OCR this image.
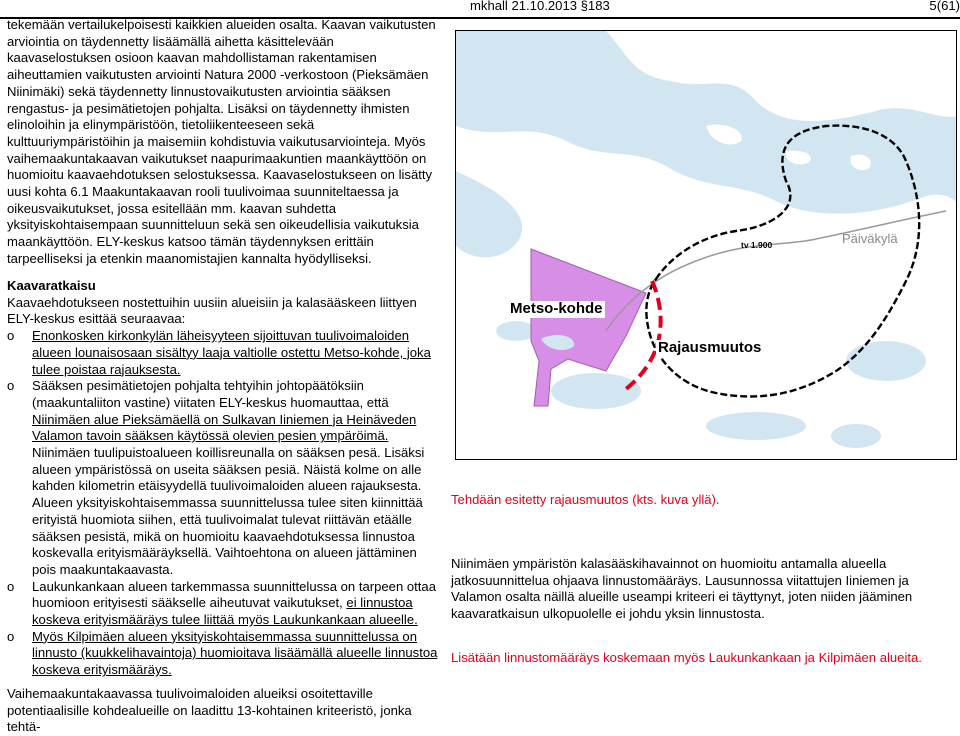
mkhall 21.10.2013 §183	5(61)

tekemään vertailukelpoisesti kaikkien alueiden osalta. Kaavan vaikutusten arviointia on täydennetty lisäämällä aihetta käsittelevään kaavaselostuksen osioon kaavan mahdollistaman rakentamisen aiheuttamien vaikutusten arviointi Natura 2000 -verkostoon (Pieksämäen Niinimäki) sekä täydennetty linnustovaikutusten arviointia sääksen rengastus- ja pesimätietojen pohjalta. Lisäksi on täydennetty ihmisten elinoloihin ja elinympäristöön, tietoliikenteeseen sekä kulttuuriympäristöihin ja maisemiin kohdistuvia vaikutusarviointeja. Myös vaihemaakuntakaavan vaikutukset naapurimaakuntien maankäyttöön on huomioitu kaavaehdotuksen selostuksessa. Kaavaselostukseen on lisätty uusi kohta 6.1 Maakuntakaavan rooli tuulivoimaa suunniteltaessa ja oikeusvaikutukset, jossa esitellään mm. kaavan suhdetta yksityiskohtaisempaan suunnitteluun sekä sen oikeudellisia vaikutuksia maankäyttöön. ELY-keskus katsoo tämän täydennyksen erittäin tarpeelliseksi ja etenkin maanomistajien kannalta hyödylliseksi.

Kaavaratkaisu

Kaavaehdotukseen nostettuihin uusiin alueisiin ja kalasääskeen liittyen ELY-keskus esittää seuraavaa:

o Enonkosken kirkonkylän läheisyyteen sijoittuvan tuulivoimaloiden alueen lounaisosaan sisältyy laaja valtiolle ostettu Metso-kohde, joka tulee poistaa rajauksesta.
o Sääksen pesimätietojen pohjalta tehtyihin johtopäätöksiin (maakuntaliiton vastine) viitaten ELY-keskus huomauttaa, että Niinimäen alue Pieksämäellä on Sulkavan Iiniemen ja Heinäveden Valamon tavoin sääksen käytössä olevien pesien ympäröimä. Niinimäen tuulipuistoalueen koillisreunalla on sääksen pesä. Lisäksi alueen ympäristössä on useita sääksen pesiä. Näistä kolme on alle kahden kilometrin etäisyydellä tuulivoimaloiden alueen rajauksesta. Alueen yksityiskohtaisemmassa suunnittelussa tulee siten kiinnittää erityistä huomiota siihen, että tuulivoimalat tulevat riittävän etäälle sääksen pesistä, mikä on huomioitu kaavaehdotuksessa linnustoa koskevalla erityismääräyksellä. Vaihtoehtona on alueen jättäminen pois maakuntakaavasta.
o Laukunkankaan alueen tarkemmassa suunnittelussa on tarpeen ottaa huomioon erityisesti sääkselle aiheutuvat vaikutukset, ei linnustoa koskeva erityismääräys tulee liittää myös Laukunkankaan alueelle.
o Myös Kilpimäen alueen yksityiskohtaisemmassa suunnittelussa on linnusto (kuukkelihavaintoja) huomioitava lisäämällä alueelle linnustoa koskeva erityismääräys.

Vaihemaakuntakaavassa tuulivoimaloiden alueiksi osoitettaville potentiaalisille kohdealueille on laadittu 13-kohtainen kriteeristö, jonka tehtä-

Metso-kohde
Rajausmuutos
Päiväkylä
tv 1.900

Tehdään esitetty rajausmuutos (kts. kuva yllä).

Niinimäen ympäristön kalasääskihavainnot on huomioitu antamalla alueella jatkosuunnittelua ohjaava linnustomääräys. Lausunnossa viitattujen Iiniemen ja Valamon osalta näillä alueille useampi kriteeri ei täyttynyt, joten niiden jääminen kaavaratkaisun ulkopuolelle ei johdu yksin linnustosta.

Lisätään linnustomääräys koskemaan myös Laukunkankaan ja Kilpimäen alueita.
